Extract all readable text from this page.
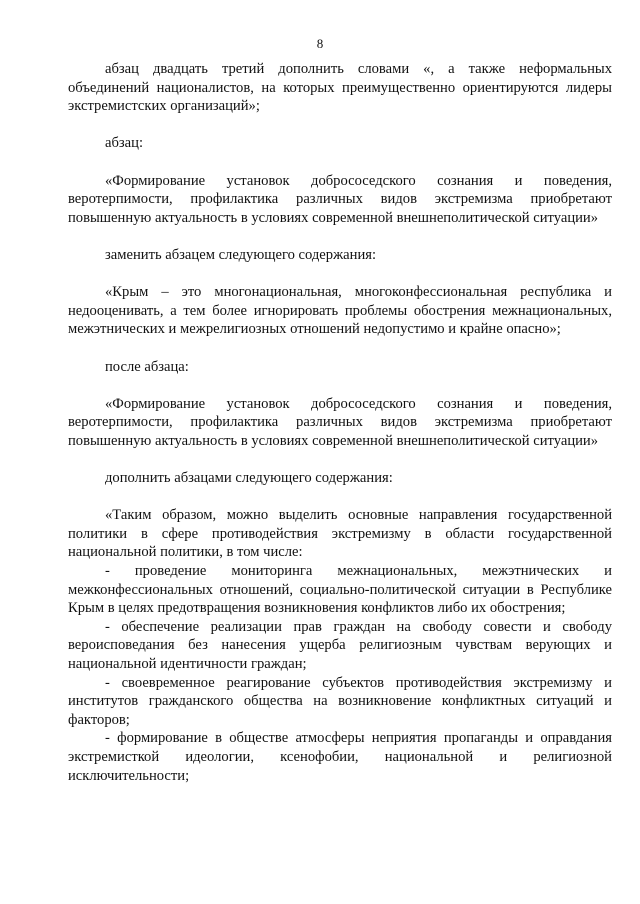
8

абзац двадцать третий дополнить словами «, а также неформальных объединений националистов, на которых преимущественно ориентируются лидеры экстремистских организаций»;

абзац:

«Формирование установок добрососедского сознания и поведения, веротерпимости, профилактика различных видов экстремизма приобретают повышенную актуальность в условиях современной внешнеполитической ситуации»

заменить абзацем следующего содержания:

«Крым – это многонациональная, многоконфессиональная республика и недооценивать, а тем более игнорировать проблемы обострения межнациональных, межэтнических и межрелигиозных отношений недопустимо и крайне опасно»;

после абзаца:

«Формирование установок добрососедского сознания и поведения, веротерпимости, профилактика различных видов экстремизма приобретают повышенную актуальность в условиях современной внешнеполитической ситуации»

дополнить абзацами следующего содержания:

«Таким образом, можно выделить основные направления государственной политики в сфере противодействия экстремизму в области государственной национальной политики, в том числе:

- проведение мониторинга межнациональных, межэтнических и межконфессиональных отношений, социально-политической ситуации в Республике Крым в целях предотвращения возникновения конфликтов либо их обострения;

- обеспечение реализации прав граждан на свободу совести и свободу вероисповедания без нанесения ущерба религиозным чувствам верующих и национальной идентичности граждан;

- своевременное реагирование субъектов противодействия экстремизму и институтов гражданского общества на возникновение конфликтных ситуаций и факторов;

- формирование в обществе атмосферы неприятия пропаганды и оправдания экстремисткой идеологии, ксенофобии, национальной и религиозной исключительности;
